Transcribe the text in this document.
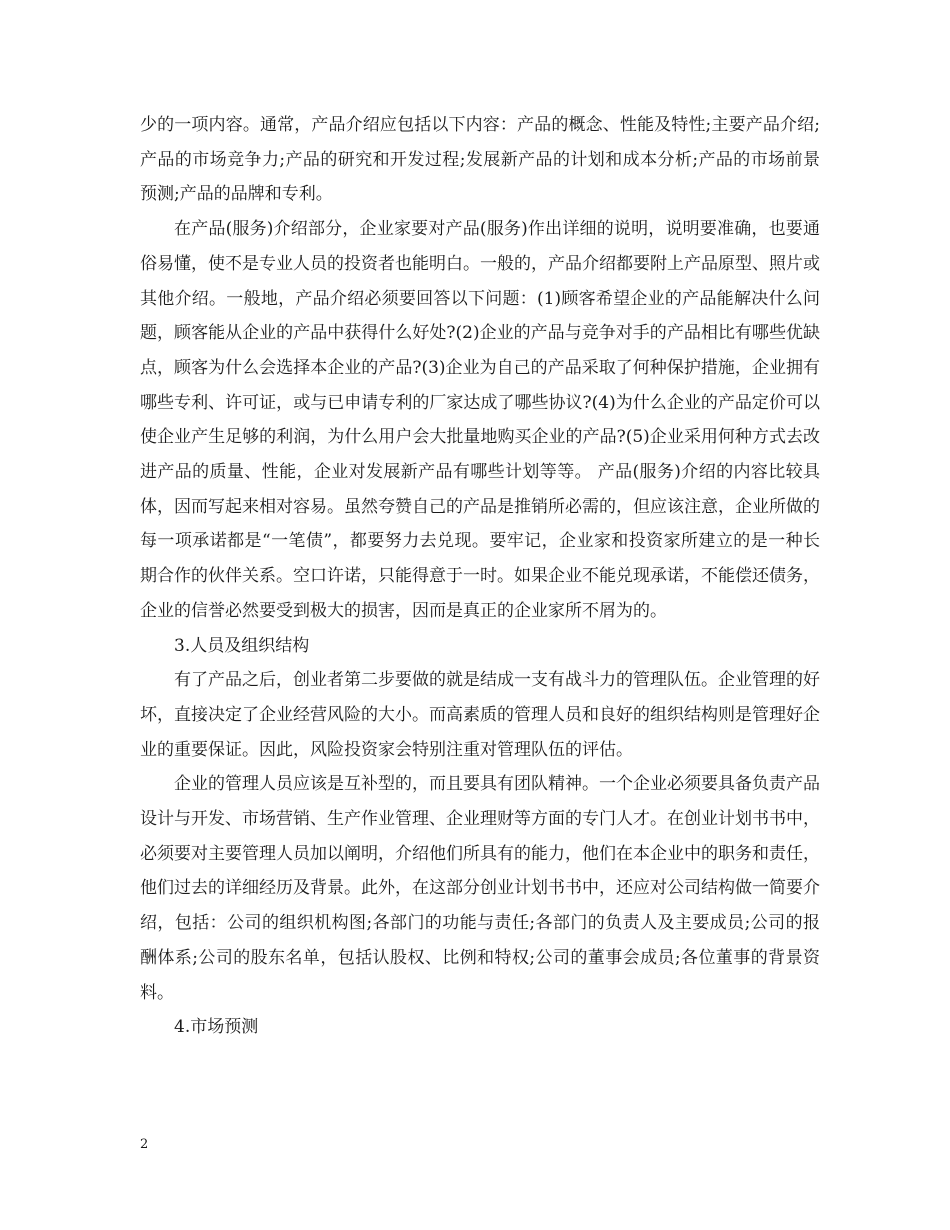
少的一项内容。通常，产品介绍应包括以下内容：产品的概念、性能及特性;主要产品介绍;产品的市场竞争力;产品的研究和开发过程;发展新产品的计划和成本分析;产品的市场前景预测;产品的品牌和专利。

在产品(服务)介绍部分，企业家要对产品(服务)作出详细的说明，说明要准确，也要通俗易懂，使不是专业人员的投资者也能明白。一般的，产品介绍都要附上产品原型、照片或其他介绍。一般地，产品介绍必须要回答以下问题：(1)顾客希望企业的产品能解决什么问题，顾客能从企业的产品中获得什么好处?(2)企业的产品与竞争对手的产品相比有哪些优缺点，顾客为什么会选择本企业的产品?(3)企业为自己的产品采取了何种保护措施，企业拥有哪些专利、许可证，或与已申请专利的厂家达成了哪些协议?(4)为什么企业的产品定价可以使企业产生足够的利润，为什么用户会大批量地购买企业的产品?(5)企业采用何种方式去改进产品的质量、性能，企业对发展新产品有哪些计划等等。 产品(服务)介绍的内容比较具体，因而写起来相对容易。虽然夸赞自己的产品是推销所必需的，但应该注意，企业所做的每一项承诺都是“一笔债”，都要努力去兑现。要牢记，企业家和投资家所建立的是一种长期合作的伙伴关系。空口许诺，只能得意于一时。如果企业不能兑现承诺，不能偿还债务，企业的信誉必然要受到极大的损害，因而是真正的企业家所不屑为的。

3.人员及组织结构

有了产品之后，创业者第二步要做的就是结成一支有战斗力的管理队伍。企业管理的好坏，直接决定了企业经营风险的大小。而高素质的管理人员和良好的组织结构则是管理好企业的重要保证。因此，风险投资家会特别注重对管理队伍的评估。

企业的管理人员应该是互补型的，而且要具有团队精神。一个企业必须要具备负责产品设计与开发、市场营销、生产作业管理、企业理财等方面的专门人才。在创业计划书书中，必须要对主要管理人员加以阐明，介绍他们所具有的能力，他们在本企业中的职务和责任，他们过去的详细经历及背景。此外，在这部分创业计划书书中，还应对公司结构做一简要介绍，包括：公司的组织机构图;各部门的功能与责任;各部门的负责人及主要成员;公司的报酬体系;公司的股东名单，包括认股权、比例和特权;公司的董事会成员;各位董事的背景资料。

4.市场预测

2
